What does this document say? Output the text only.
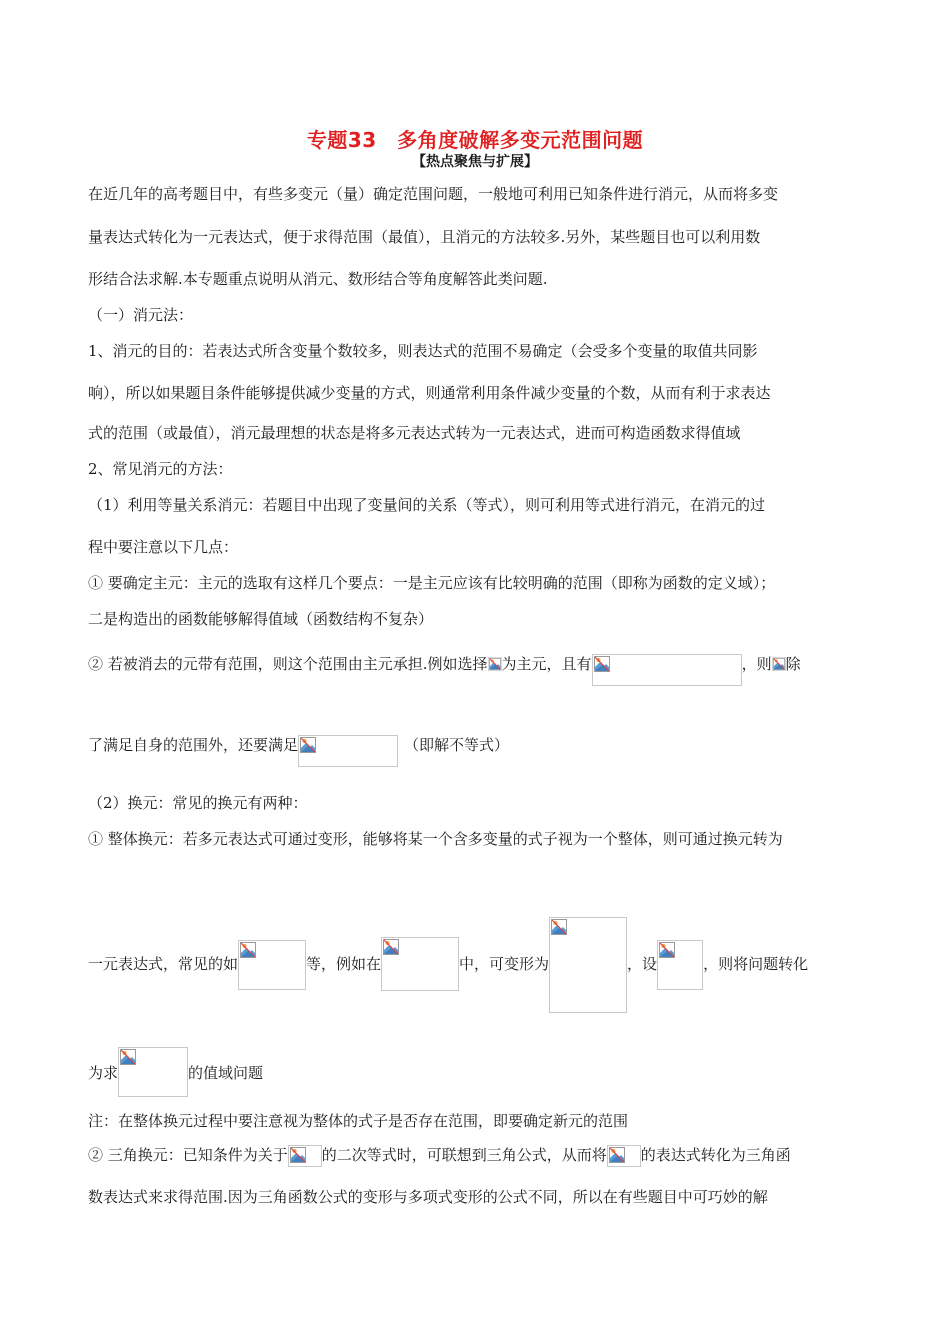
专题33　多角度破解多变元范围问题
【热点聚焦与扩展】
在近几年的高考题目中，有些多变元（量）确定范围问题，一般地可利用已知条件进行消元，从而将多变
量表达式转化为一元表达式，便于求得范围（最值），且消元的方法较多.另外，某些题目也可以利用数
形结合法求解.本专题重点说明从消元、数形结合等角度解答此类问题.
（一）消元法：
1、消元的目的：若表达式所含变量个数较多，则表达式的范围不易确定（会受多个变量的取值共同影
响），所以如果题目条件能够提供减少变量的方式，则通常利用条件减少变量的个数，从而有利于求表达
式的范围（或最值），消元最理想的状态是将多元表达式转为一元表达式，进而可构造函数求得值域
2、常见消元的方法：
（1）利用等量关系消元：若题目中出现了变量间的关系（等式），则可利用等式进行消元，在消元的过
程中要注意以下几点：
① 要确定主元：主元的选取有这样几个要点：一是主元应该有比较明确的范围（即称为函数的定义域）；
二是构造出的函数能够解得值域（函数结构不复杂）
② 若被消去的元带有范围，则这个范围由主元承担.例如选择 为主元，且有	，则 除
了满足自身的范围外，还要满足	（即解不等式）
（2）换元：常见的换元有两种：
① 整体换元：若多元表达式可通过变形，能够将某一个含多变量的式子视为一个整体，则可通过换元转为
一元表达式，常见的如	等，例如在	中，可变形为	，设	，则将问题转化
为求	的值域问题
注：在整体换元过程中要注意视为整体的式子是否存在范围，即要确定新元的范围
② 三角换元：已知条件为关于 的二次等式时，可联想到三角公式，从而将 的表达式转化为三角函
数表达式来求得范围.因为三角函数公式的变形与多项式变形的公式不同，所以在有些题目中可巧妙的解
